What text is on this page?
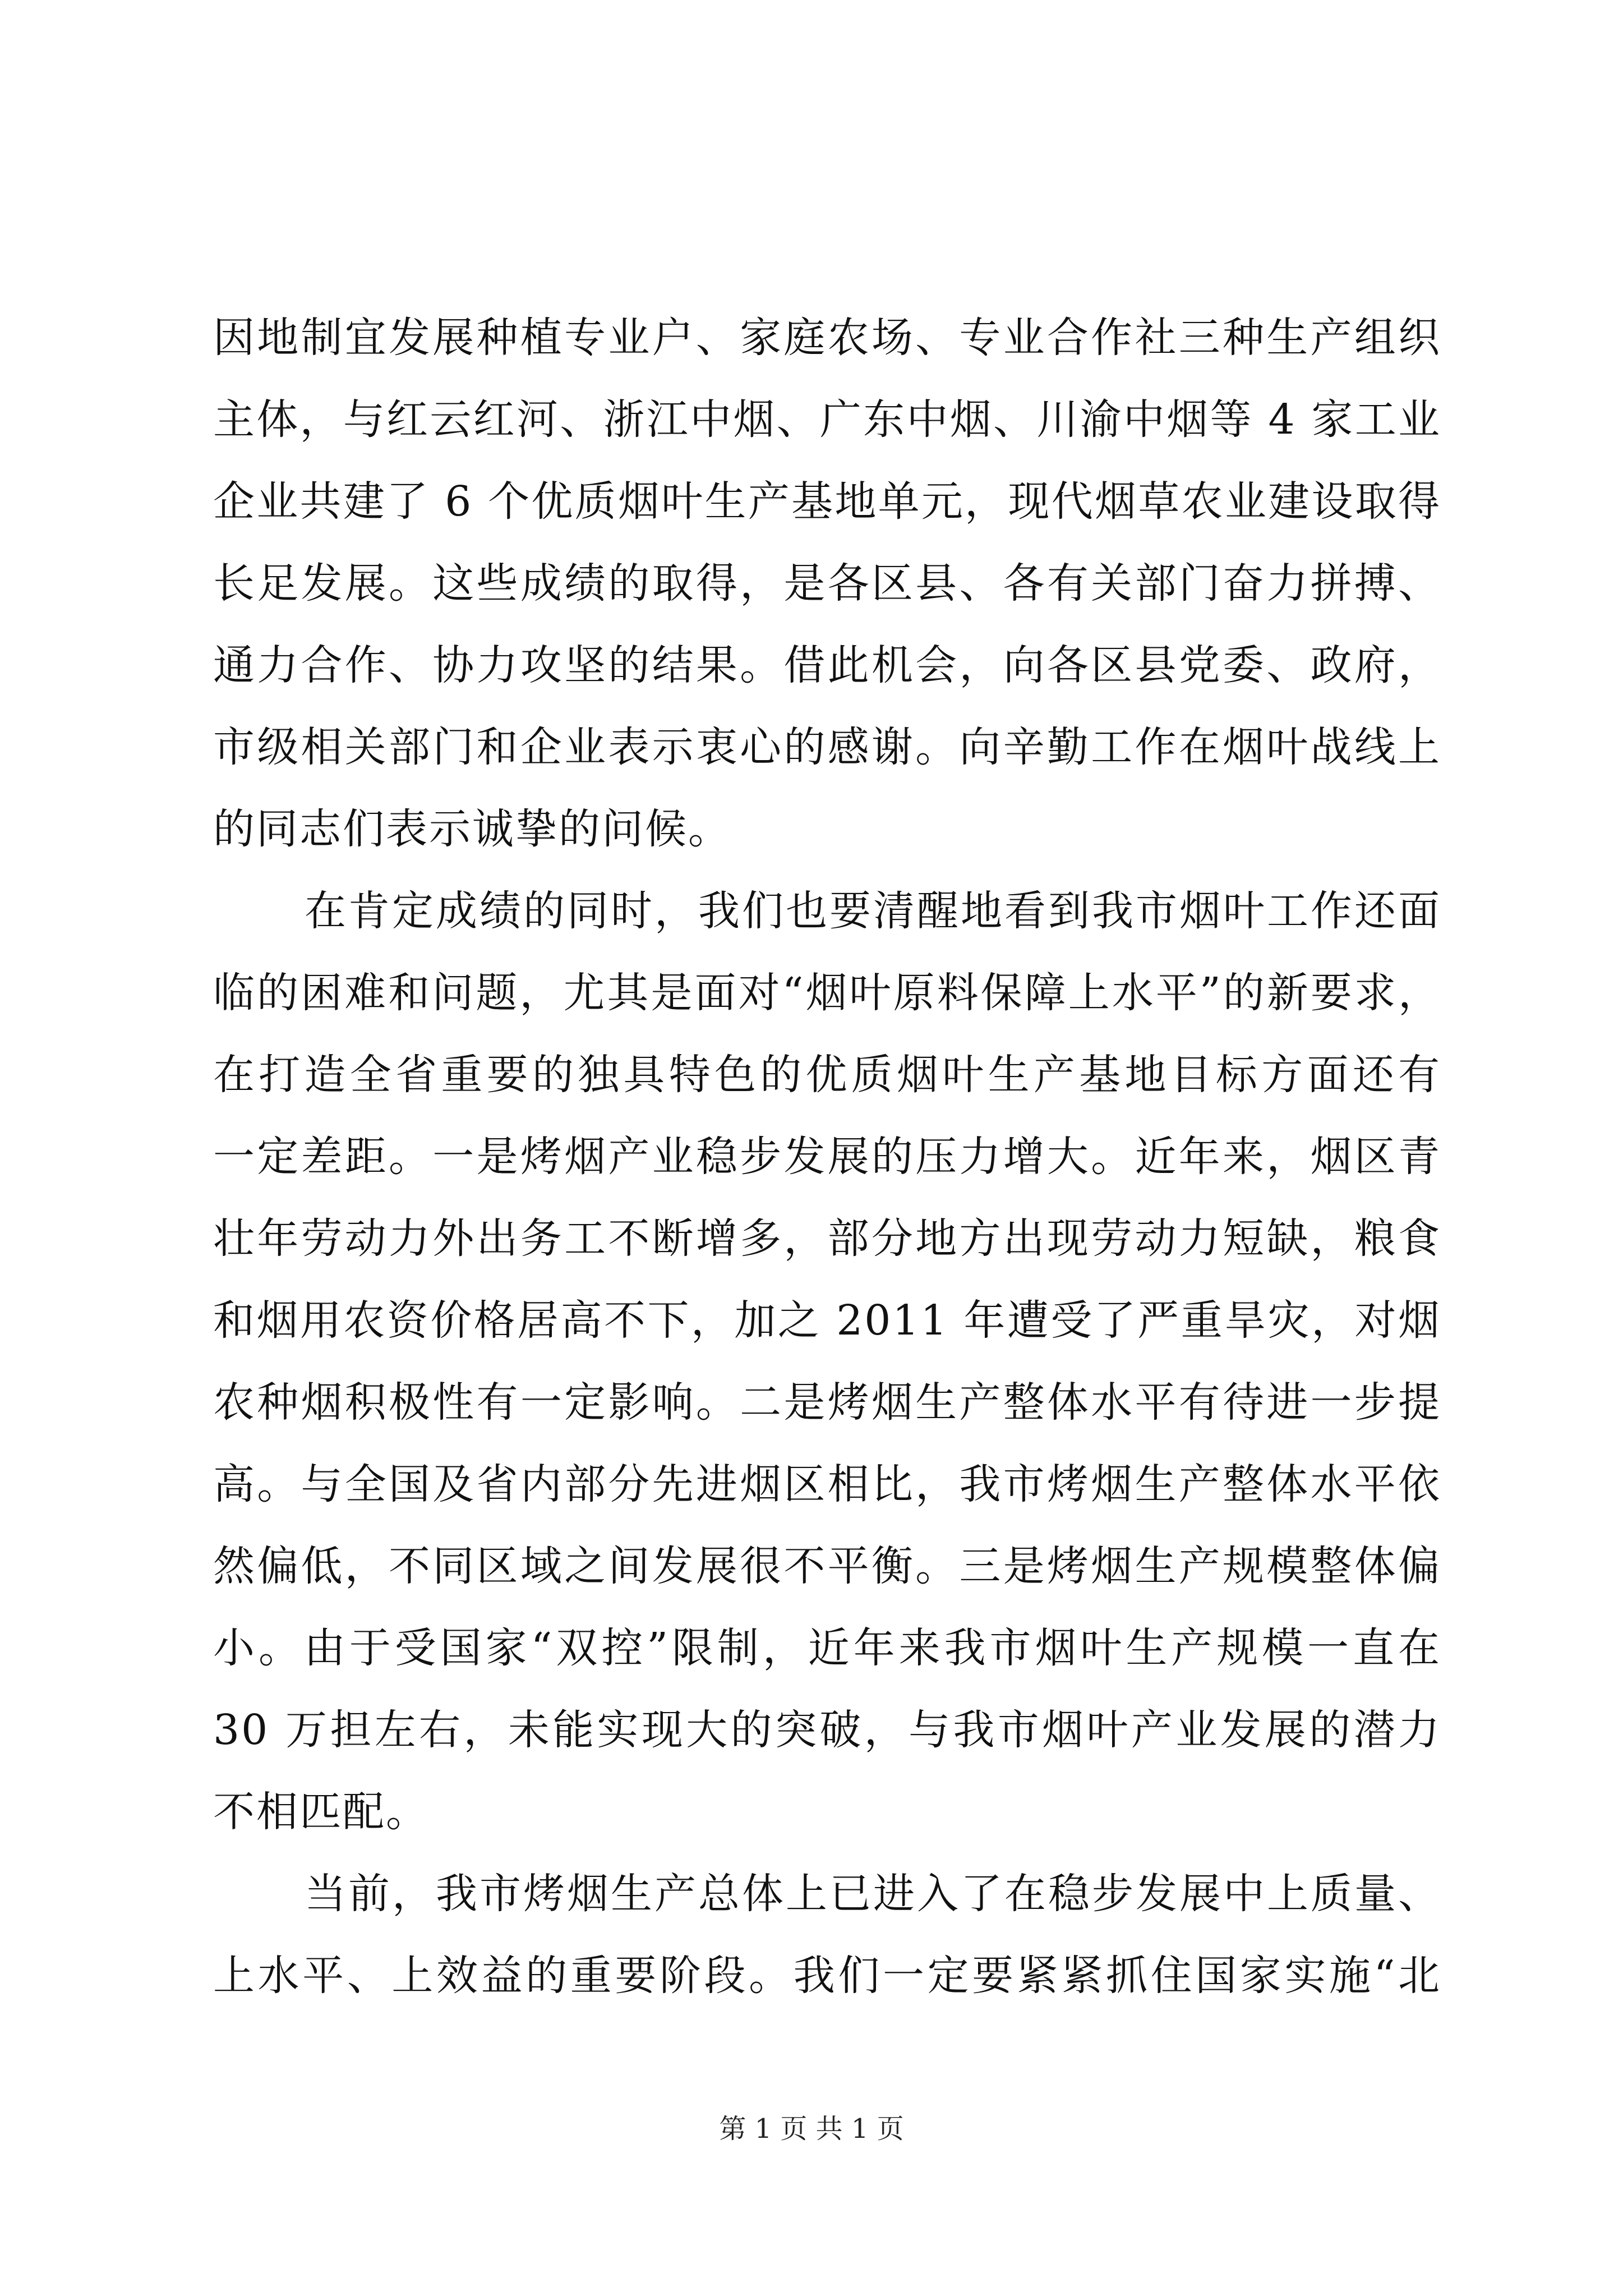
因地制宜发展种植专业户、家庭农场、专业合作社三种生产组织
主体，与红云红河、浙江中烟、广东中烟、川渝中烟等 4 家工业
企业共建了 6 个优质烟叶生产基地单元，现代烟草农业建设取得
长足发展。这些成绩的取得，是各区县、各有关部门奋力拼搏、
通力合作、协力攻坚的结果。借此机会，向各区县党委、政府，
市级相关部门和企业表示衷心的感谢。向辛勤工作在烟叶战线上
的同志们表示诚挚的问候。
在肯定成绩的同时，我们也要清醒地看到我市烟叶工作还面
临的困难和问题，尤其是面对“烟叶原料保障上水平”的新要求，
在打造全省重要的独具特色的优质烟叶生产基地目标方面还有
一定差距。一是烤烟产业稳步发展的压力增大。近年来，烟区青
壮年劳动力外出务工不断增多，部分地方出现劳动力短缺，粮食
和烟用农资价格居高不下，加之 2011 年遭受了严重旱灾，对烟
农种烟积极性有一定影响。二是烤烟生产整体水平有待进一步提
高。与全国及省内部分先进烟区相比，我市烤烟生产整体水平依
然偏低，不同区域之间发展很不平衡。三是烤烟生产规模整体偏
小。由于受国家“双控”限制，近年来我市烟叶生产规模一直在
30 万担左右，未能实现大的突破，与我市烟叶产业发展的潜力
不相匹配。
当前，我市烤烟生产总体上已进入了在稳步发展中上质量、
上水平、上效益的重要阶段。我们一定要紧紧抓住国家实施“北
第 1 页 共 1 页
